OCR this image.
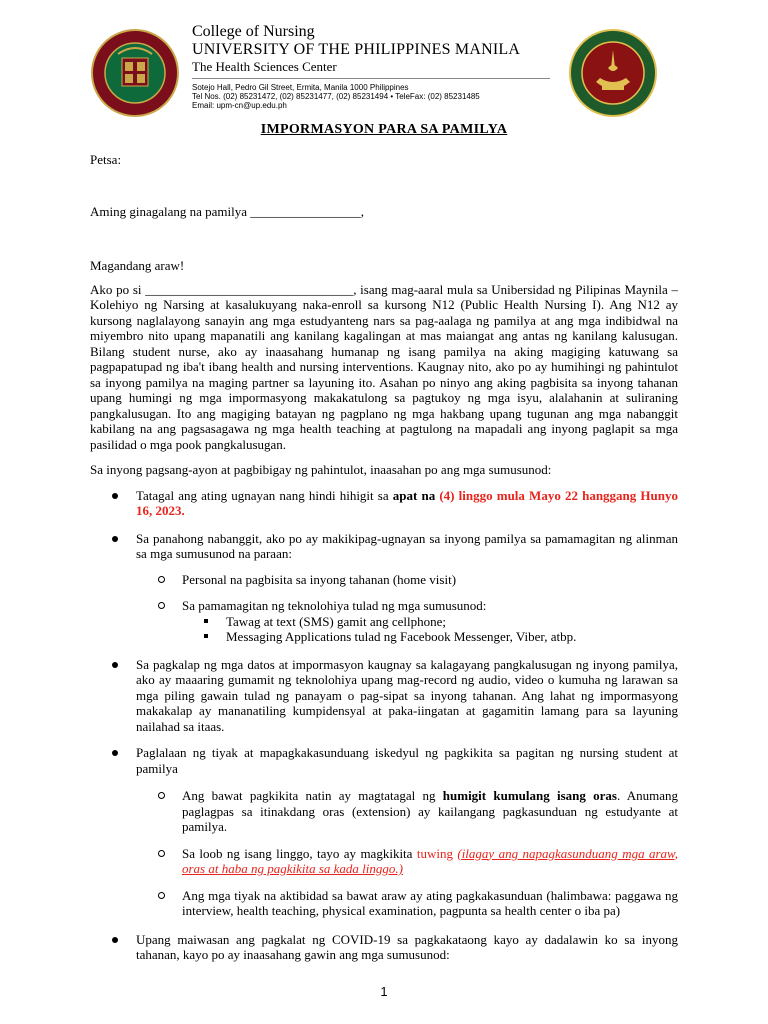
College of Nursing
UNIVERSITY OF THE PHILIPPINES MANILA
The Health Sciences Center
Sotejo Hall, Pedro Gil Street, Ermita, Manila 1000 Philippines
Tel Nos. (02) 85231472, (02) 85231477, (02) 85231494 • TeleFax: (02) 85231485
Email: upm-cn@up.edu.ph
IMPORMASYON PARA SA PAMILYA

Petsa:

Aming ginagalang na pamilya _________________,

Magandang araw!

Ako po si ________________________________, isang mag-aaral mula sa Unibersidad ng Pilipinas Maynila – Kolehiyo ng Narsing at kasalukuyang naka-enroll sa kursong N12 (Public Health Nursing I). Ang N12 ay kursong naglalayong sanayin ang mga estudyanteng nars sa pag-aalaga ng pamilya at ang mga indibidwal na miyembro nito upang mapanatili ang kanilang kagalingan at mas maiangat ang antas ng kanilang kalusugan. Bilang student nurse, ako ay inaasahang humanap ng isang pamilya na aking magiging katuwang sa pagpapatupad ng iba't ibang health and nursing interventions. Kaugnay nito, ako po ay humihingi ng pahintulot sa inyong pamilya na maging partner sa layuning ito. Asahan po ninyo ang aking pagbisita sa inyong tahanan upang humingi ng mga impormasyong makakatulong sa pagtukoy ng mga isyu, alalahanin at suliraning pangkalusugan. Ito ang magiging batayan ng pagplano ng mga hakbang upang tugunan ang mga nabanggit kabilang na ang pagsasagawa ng mga health teaching at pagtulong na mapadali ang inyong paglapit sa mga pasilidad o mga pook pangkalusugan.

Sa inyong pagsang-ayon at pagbibigay ng pahintulot, inaasahan po ang mga sumusunod:

Tatagal ang ating ugnayan nang hindi hihigit sa apat na (4) linggo mula Mayo 22 hanggang Hunyo 16, 2023.
Sa panahong nabanggit, ako po ay makikipag-ugnayan sa inyong pamilya sa pamamagitan ng alinman sa mga sumusunod na paraan:
Personal na pagbisita sa inyong tahanan (home visit)
Sa pamamagitan ng teknolohiya tulad ng mga sumusunod:
Tawag at text (SMS) gamit ang cellphone;
Messaging Applications tulad ng Facebook Messenger, Viber, atbp.
Sa pagkalap ng mga datos at impormasyon kaugnay sa kalagayang pangkalusugan ng inyong pamilya, ako ay maaaring gumamit ng teknolohiya upang mag-record ng audio, video o kumuha ng larawan sa mga piling gawain tulad ng panayam o pag-sipat sa inyong tahanan. Ang lahat ng impormasyong makakalap ay mananatiling kumpidensyal at paka-iingatan at gagamitin lamang para sa layuning nailahad sa itaas.
Paglalaan ng tiyak at mapagkakasunduang iskedyul ng pagkikita sa pagitan ng nursing student at pamilya
Ang bawat pagkikita natin ay magtatagal ng humigit kumulang isang oras. Anumang paglagpas sa itinakdang oras (extension) ay kailangang pagkasunduan ng estudyante at pamilya.
Sa loob ng isang linggo, tayo ay magkikita tuwing (ilagay ang napagkasunduang mga araw, oras at haba ng pagkikita sa kada linggo.)
Ang mga tiyak na aktibidad sa bawat araw ay ating pagkakasunduan (halimbawa: paggawa ng interview, health teaching, physical examination, pagpunta sa health center o iba pa)
Upang maiwasan ang pagkalat ng COVID-19 sa pagkakataong kayo ay dadalawin ko sa inyong tahanan, kayo po ay inaasahang gawin ang mga sumusunod:
1
